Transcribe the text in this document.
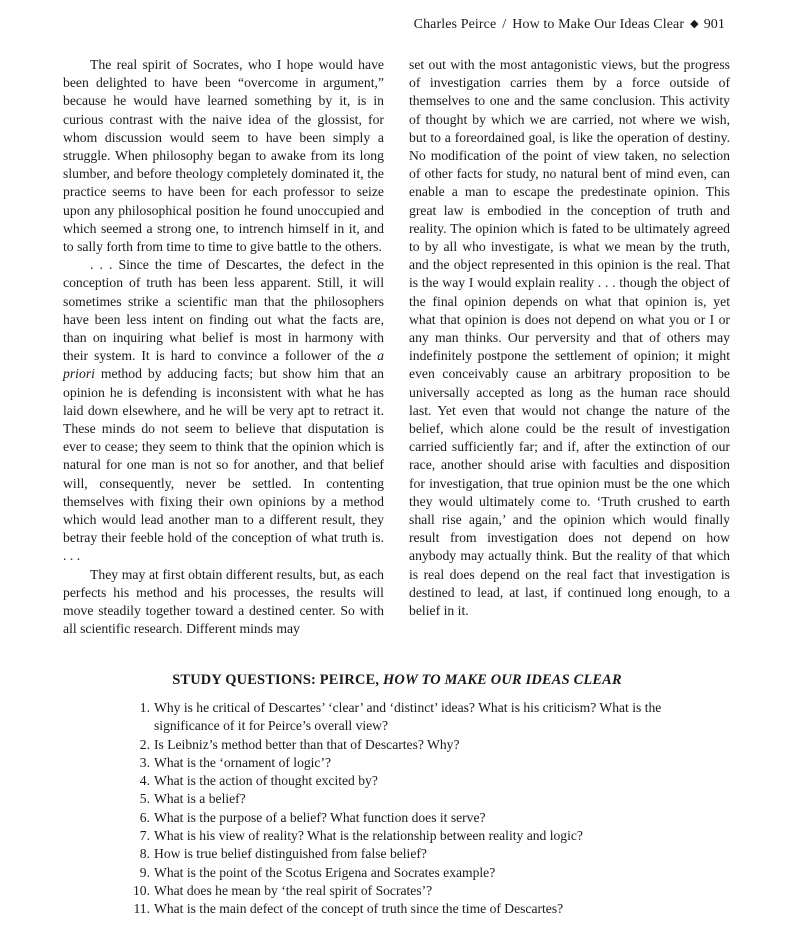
Charles Peirce / How to Make Our Ideas Clear ◆ 901

The real spirit of Socrates, who I hope would have been delighted to have been “overcome in argument,” because he would have learned something by it, is in curious contrast with the naive idea of the glossist, for whom discussion would seem to have been simply a struggle. When philosophy began to awake from its long slumber, and before theology completely dominated it, the practice seems to have been for each professor to seize upon any philosophical position he found unoccupied and which seemed a strong one, to intrench himself in it, and to sally forth from time to time to give battle to the others.

. . . Since the time of Descartes, the defect in the conception of truth has been less apparent. Still, it will sometimes strike a scientific man that the philosophers have been less intent on finding out what the facts are, than on inquiring what belief is most in harmony with their system. It is hard to convince a follower of the a priori method by adducing facts; but show him that an opinion he is defending is inconsistent with what he has laid down elsewhere, and he will be very apt to retract it. These minds do not seem to believe that disputation is ever to cease; they seem to think that the opinion which is natural for one man is not so for another, and that belief will, consequently, never be settled. In contenting themselves with fixing their own opinions by a method which would lead another man to a different result, they betray their feeble hold of the conception of what truth is. . . .

They may at first obtain different results, but, as each perfects his method and his processes, the results will move steadily together toward a destined center. So with all scientific research. Different minds may

set out with the most antagonistic views, but the progress of investigation carries them by a force outside of themselves to one and the same conclusion. This activity of thought by which we are carried, not where we wish, but to a foreordained goal, is like the operation of destiny. No modification of the point of view taken, no selection of other facts for study, no natural bent of mind even, can enable a man to escape the predestinate opinion. This great law is embodied in the conception of truth and reality. The opinion which is fated to be ultimately agreed to by all who investigate, is what we mean by the truth, and the object represented in this opinion is the real. That is the way I would explain reality . . . though the object of the final opinion depends on what that opinion is, yet what that opinion is does not depend on what you or I or any man thinks. Our perversity and that of others may indefinitely postpone the settlement of opinion; it might even conceivably cause an arbitrary proposition to be universally accepted as long as the human race should last. Yet even that would not change the nature of the belief, which alone could be the result of investigation carried sufficiently far; and if, after the extinction of our race, another should arise with faculties and disposition for investigation, that true opinion must be the one which they would ultimately come to. ‘Truth crushed to earth shall rise again,’ and the opinion which would finally result from investigation does not depend on how anybody may actually think. But the reality of that which is real does depend on the real fact that investigation is destined to lead, at last, if continued long enough, to a belief in it.

STUDY QUESTIONS: PEIRCE, HOW TO MAKE OUR IDEAS CLEAR
1. Why is he critical of Descartes’ ‘clear’ and ‘distinct’ ideas? What is his criticism? What is the significance of it for Peirce’s overall view?
2. Is Leibniz’s method better than that of Descartes? Why?
3. What is the ‘ornament of logic’?
4. What is the action of thought excited by?
5. What is a belief?
6. What is the purpose of a belief? What function does it serve?
7. What is his view of reality? What is the relationship between reality and logic?
8. How is true belief distinguished from false belief?
9. What is the point of the Scotus Erigena and Socrates example?
10. What does he mean by ‘the real spirit of Socrates’?
11. What is the main defect of the concept of truth since the time of Descartes?
